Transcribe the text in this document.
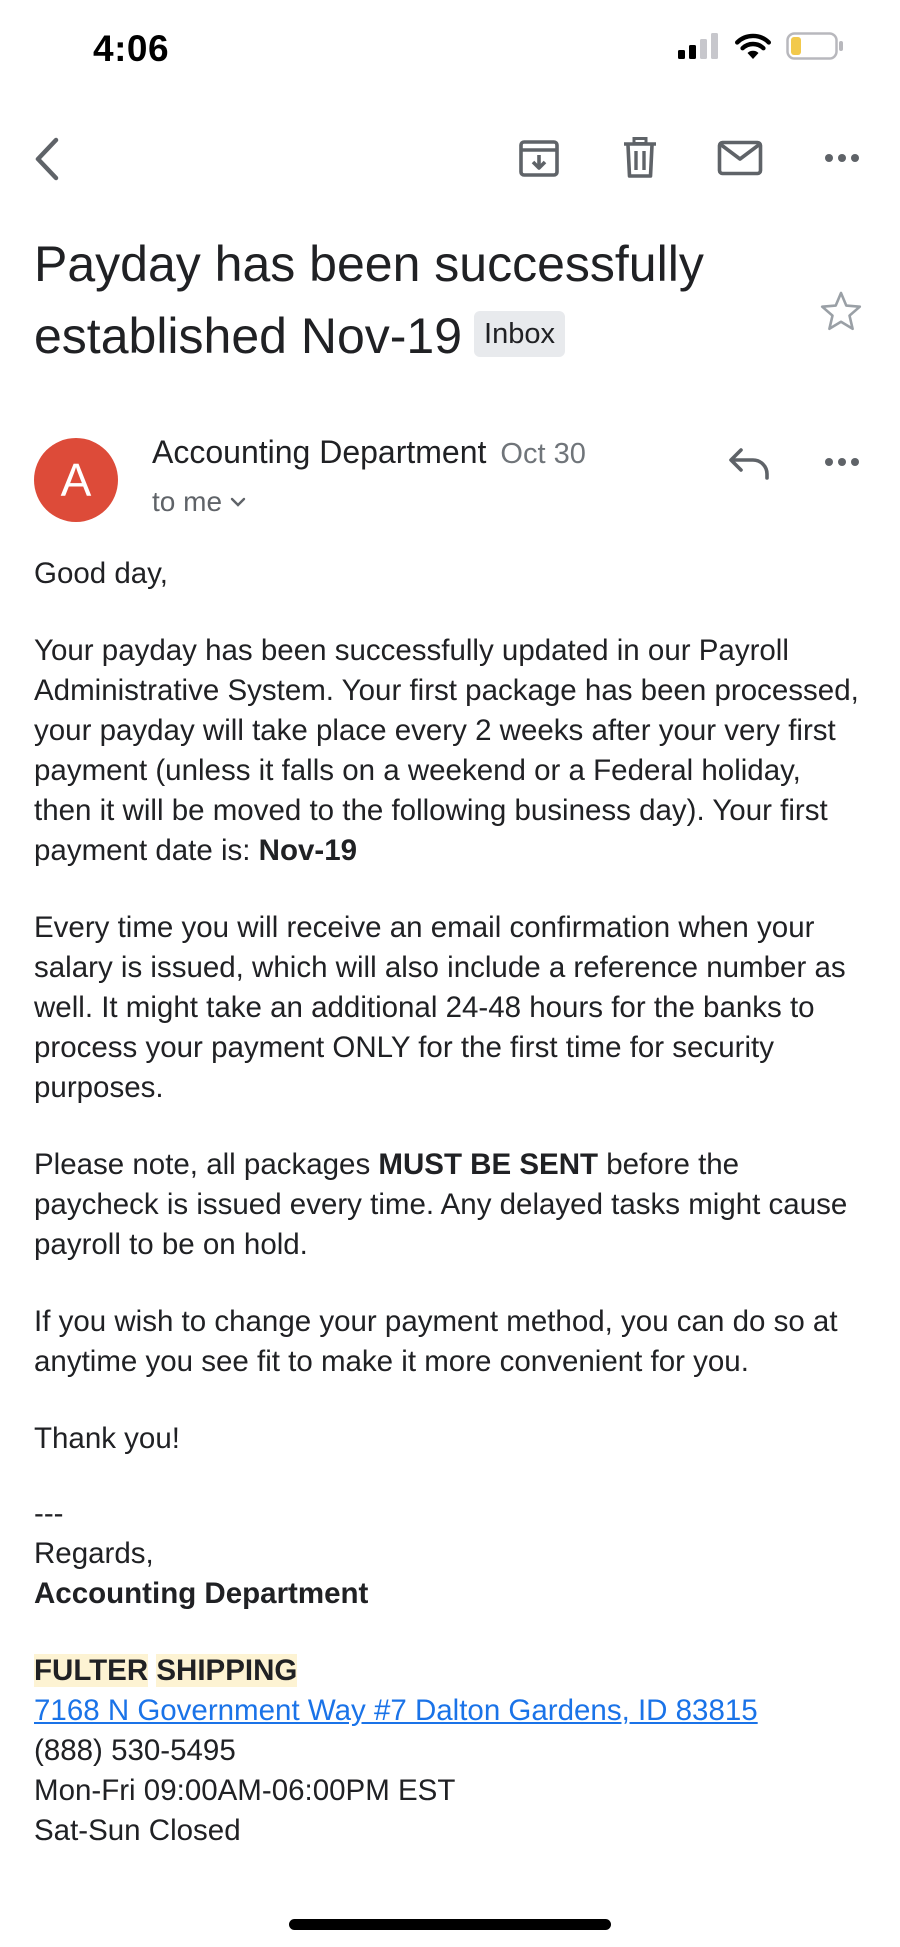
4:06
Payday has been successfully
established Nov-19 Inbox
A
Accounting Department Oct 30
to me

Good day,

Your payday has been successfully updated in our Payroll Administrative System. Your first package has been processed, your payday will take place every 2 weeks after your very first payment (unless it falls on a weekend or a Federal holiday, then it will be moved to the following business day). Your first payment date is: Nov-19

Every time you will receive an email confirmation when your salary is issued, which will also include a reference number as well. It might take an additional 24-48 hours for the banks to process your payment ONLY for the first time for security purposes.

Please note, all packages MUST BE SENT before the paycheck is issued every time. Any delayed tasks might cause payroll to be on hold.

If you wish to change your payment method, you can do so at anytime you see fit to make it more convenient for you.

Thank you!

---
Regards,
Accounting Department
FULTER SHIPPING
7168 N Government Way #7 Dalton Gardens, ID 83815
(888) 530-5495
Mon-Fri 09:00AM-06:00PM EST
Sat-Sun Closed
